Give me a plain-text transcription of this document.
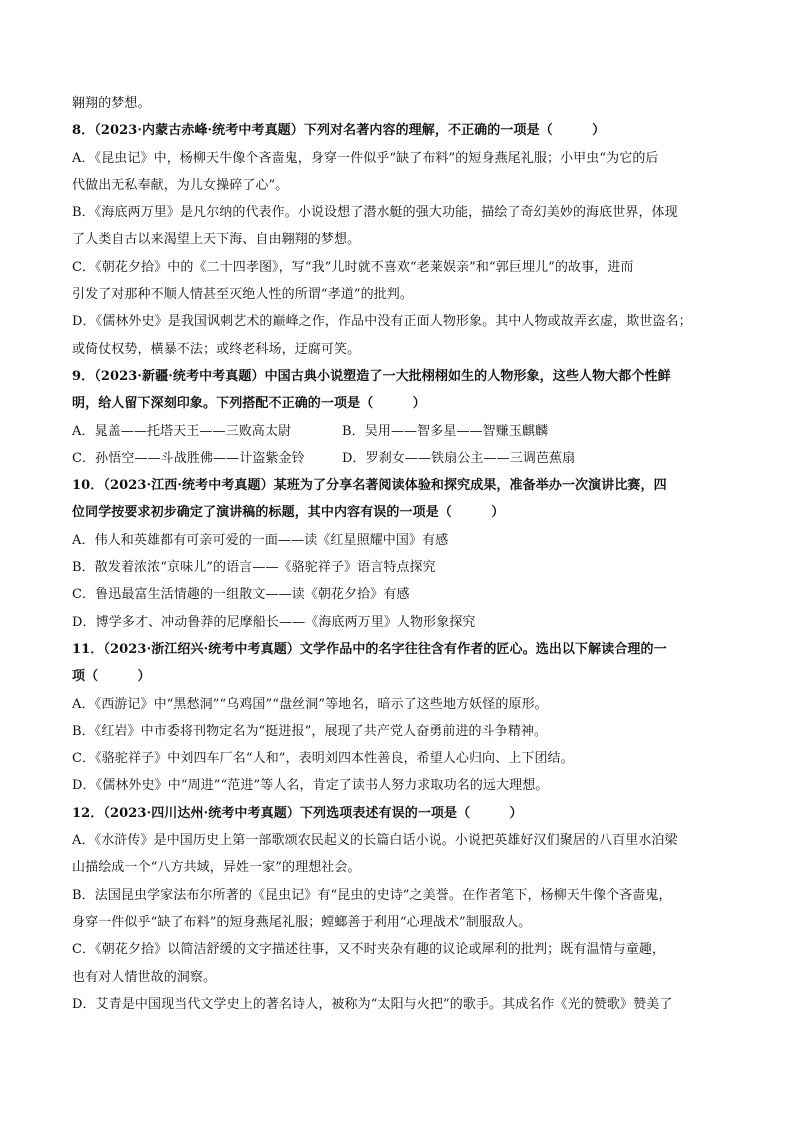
翱翔的梦想。
8．（2023·内蒙古赤峰·统考中考真题）下列对名著内容的理解，不正确的一项是（　　　）
A．《昆虫记》中，杨柳天牛像个吝啬鬼，身穿一件似乎“缺了布料”的短身燕尾礼服；小甲虫“为它的后
代做出无私奉献，为儿女操碎了心”。
B．《海底两万里》是凡尔纳的代表作。小说设想了潜水艇的强大功能，描绘了奇幻美妙的海底世界，体现
了人类自古以来渴望上天下海、自由翱翔的梦想。
C．《朝花夕拾》中的《二十四孝图》，写“我”儿时就不喜欢“老莱娱亲”和“郭巨埋儿”的故事，进而
引发了对那种不顺人情甚至灭绝人性的所谓“孝道”的批判。
D．《儒林外史》是我国讽刺艺术的巅峰之作，作品中没有正面人物形象。其中人物或故弄玄虚，欺世盗名；
或倚仗权势，横暴不法；或终老科场，迂腐可笑。
9．（2023·新疆·统考中考真题）中国古典小说塑造了一大批栩栩如生的人物形象，这些人物大都个性鲜
明，给人留下深刻印象。下列搭配不正确的一项是（　　　）
A．晁盖——托塔天王——三败高太尉	B．吴用——智多星——智赚玉麒麟
C．孙悟空——斗战胜佛——计盗紫金铃	D．罗刹女——铁扇公主——三调芭蕉扇
10．（2023·江西·统考中考真题）某班为了分享名著阅读体验和探究成果，准备举办一次演讲比赛，四
位同学按要求初步确定了演讲稿的标题，其中内容有误的一项是（　　　）
A．伟人和英雄都有可亲可爱的一面——读《红星照耀中国》有感
B．散发着浓浓“京味儿”的语言——《骆驼祥子》语言特点探究
C．鲁迅最富生活情趣的一组散文——读《朝花夕拾》有感
D．博学多才、冲动鲁莽的尼摩船长——《海底两万里》人物形象探究
11．（2023·浙江绍兴·统考中考真题）文学作品中的名字往往含有作者的匠心。选出以下解读合理的一
项（　　　）
A．《西游记》中“黑愁洞”“乌鸡国”“盘丝洞”等地名，暗示了这些地方妖怪的原形。
B．《红岩》中市委将刊物定名为“挺进报”，展现了共产党人奋勇前进的斗争精神。
C．《骆驼祥子》中刘四车厂名“人和”，表明刘四本性善良，希望人心归向、上下团结。
D．《儒林外史》中“周进”“范进”等人名，肯定了读书人努力求取功名的远大理想。
12．（2023·四川达州·统考中考真题）下列选项表述有误的一项是（　　　）
A．《水浒传》是中国历史上第一部歌颂农民起义的长篇白话小说。小说把英雄好汉们聚居的八百里水泊梁
山描绘成一个“八方共域，异姓一家”的理想社会。
B．法国昆虫学家法布尔所著的《昆虫记》有“昆虫的史诗”之美誉。在作者笔下，杨柳天牛像个吝啬鬼，
身穿一件似乎“缺了布料”的短身燕尾礼服；螳螂善于利用“心理战术”制服敌人。
C．《朝花夕拾》以简洁舒缓的文字描述往事，又不时夹杂有趣的议论或犀利的批判；既有温情与童趣，
也有对人情世故的洞察。
D．艾青是中国现当代文学史上的著名诗人，被称为“太阳与火把”的歌手。其成名作《光的赞歌》赞美了
